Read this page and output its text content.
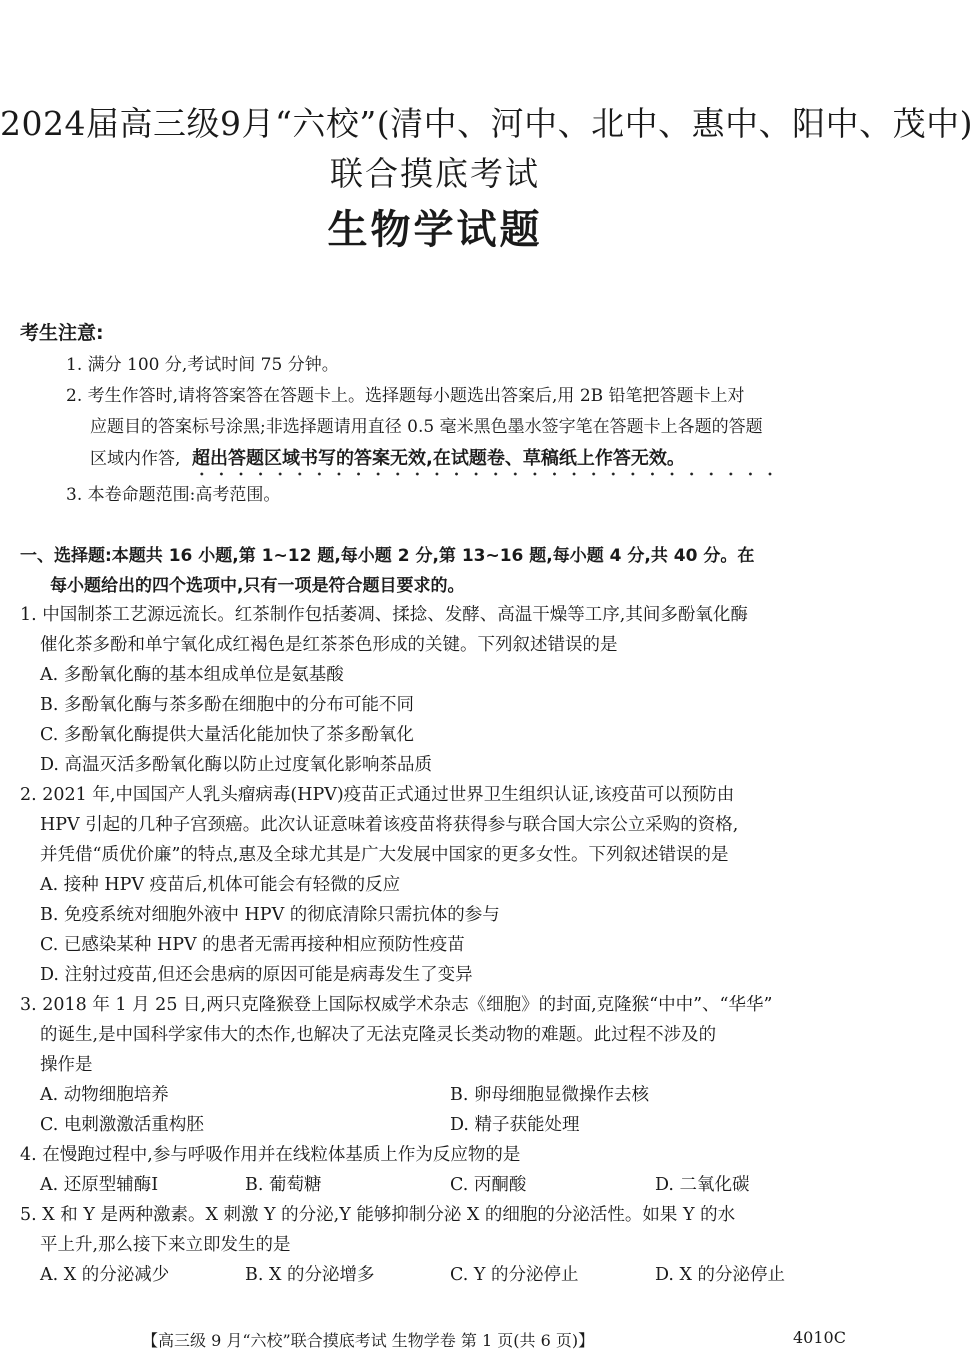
2024届高三级9月“六校”(清中、河中、北中、惠中、阳中、茂中)
联合摸底考试
生物学试题
考生注意:
1. 满分 100 分,考试时间 75 分钟。
2. 考生作答时,请将答案答在答题卡上。选择题每小题选出答案后,用 2B 铅笔把答题卡上对
应题目的答案标号涂黑;非选择题请用直径 0.5 毫米黑色墨水签字笔在答题卡上各题的答题
区域内作答, 超出答题区域书写的答案无效,在试题卷、草稿纸上作答无效。
3. 本卷命题范围:高考范围。
一、选择题:本题共 16 小题,第 1~12 题,每小题 2 分,第 13~16 题,每小题 4 分,共 40 分。在
每小题给出的四个选项中,只有一项是符合题目要求的。
1. 中国制茶工艺源远流长。红茶制作包括萎凋、揉捻、发酵、高温干燥等工序,其间多酚氧化酶
催化茶多酚和单宁氧化成红褐色是红茶茶色形成的关键。下列叙述错误的是
A. 多酚氧化酶的基本组成单位是氨基酸
B. 多酚氧化酶与茶多酚在细胞中的分布可能不同
C. 多酚氧化酶提供大量活化能加快了茶多酚氧化
D. 高温灭活多酚氧化酶以防止过度氧化影响茶品质
2. 2021 年,中国国产人乳头瘤病毒(HPV)疫苗正式通过世界卫生组织认证,该疫苗可以预防由
HPV 引起的几种子宫颈癌。此次认证意味着该疫苗将获得参与联合国大宗公立采购的资格,
并凭借“质优价廉”的特点,惠及全球尤其是广大发展中国家的更多女性。下列叙述错误的是
A. 接种 HPV 疫苗后,机体可能会有轻微的反应
B. 免疫系统对细胞外液中 HPV 的彻底清除只需抗体的参与
C. 已感染某种 HPV 的患者无需再接种相应预防性疫苗
D. 注射过疫苗,但还会患病的原因可能是病毒发生了变异
3. 2018 年 1 月 25 日,两只克隆猴登上国际权威学术杂志《细胞》的封面,克隆猴“中中”、“华华”
的诞生,是中国科学家伟大的杰作,也解决了无法克隆灵长类动物的难题。此过程不涉及的
操作是
A. 动物细胞培养	B. 卵母细胞显微操作去核
C. 电刺激激活重构胚	D. 精子获能处理
4. 在慢跑过程中,参与呼吸作用并在线粒体基质上作为反应物的是
A. 还原型辅酶Ⅰ	B. 葡萄糖	C. 丙酮酸	D. 二氧化碳
5. X 和 Y 是两种激素。X 刺激 Y 的分泌,Y 能够抑制分泌 X 的细胞的分泌活性。如果 Y 的水
平上升,那么接下来立即发生的是
A. X 的分泌减少	B. X 的分泌增多	C. Y 的分泌停止	D. X 的分泌停止
【高三级 9 月“六校”联合摸底考试 生物学卷 第 1 页(共 6 页)】	4010C
